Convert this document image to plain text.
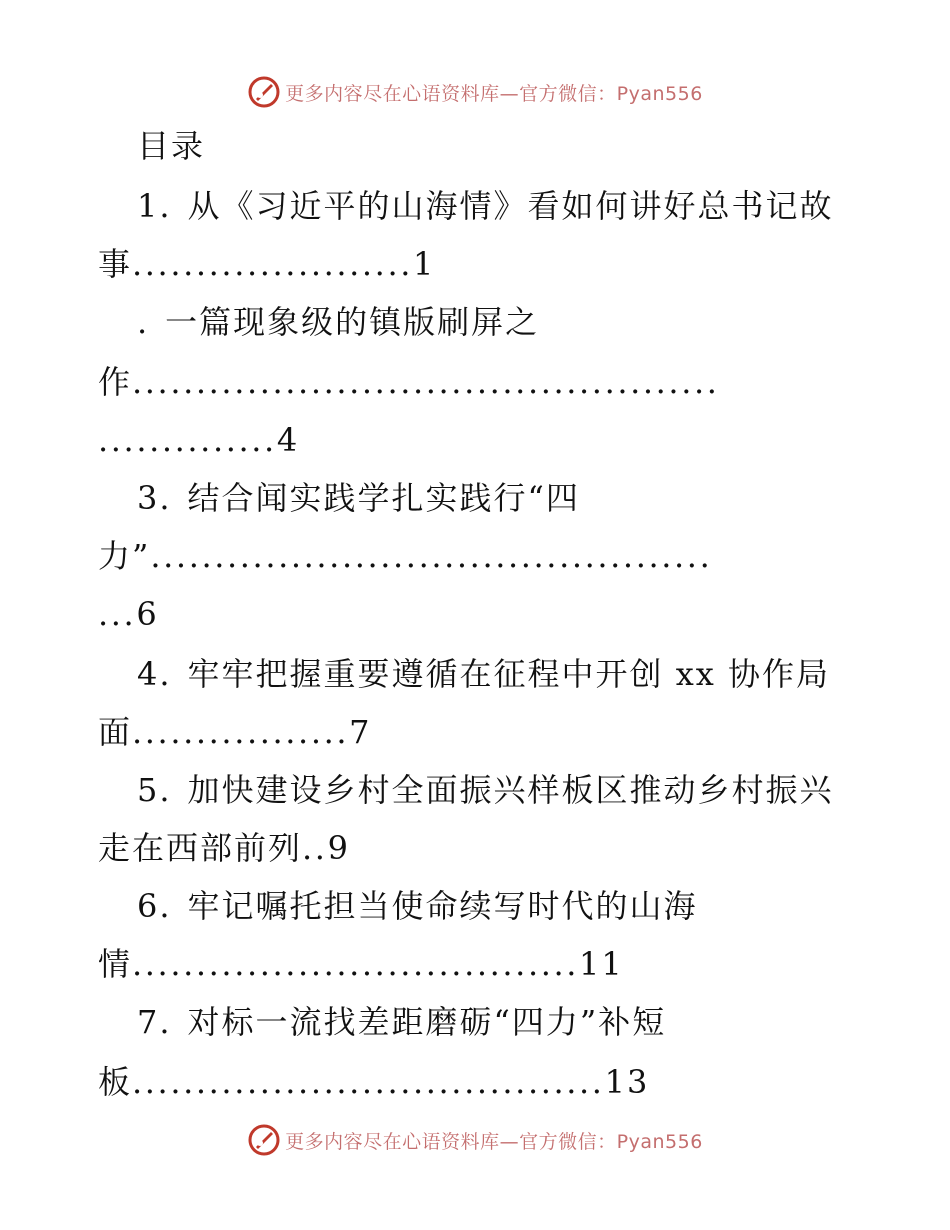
更多内容尽在心语资料库—官方微信：Pyan556
目录
1. 从《习近平的山海情》看如何讲好总书记故
事......................1
. 一篇现象级的镇版刷屏之
作..............................................
..............4
3. 结合闻实践学扎实践行“四
力”............................................
...6
4. 牢牢把握重要遵循在征程中开创 xx 协作局
面.................7
5. 加快建设乡村全面振兴样板区推动乡村振兴
走在西部前列..9
6. 牢记嘱托担当使命续写时代的山海
情...................................11
7. 对标一流找差距磨砺“四力”补短
板.....................................13
更多内容尽在心语资料库—官方微信：Pyan556
